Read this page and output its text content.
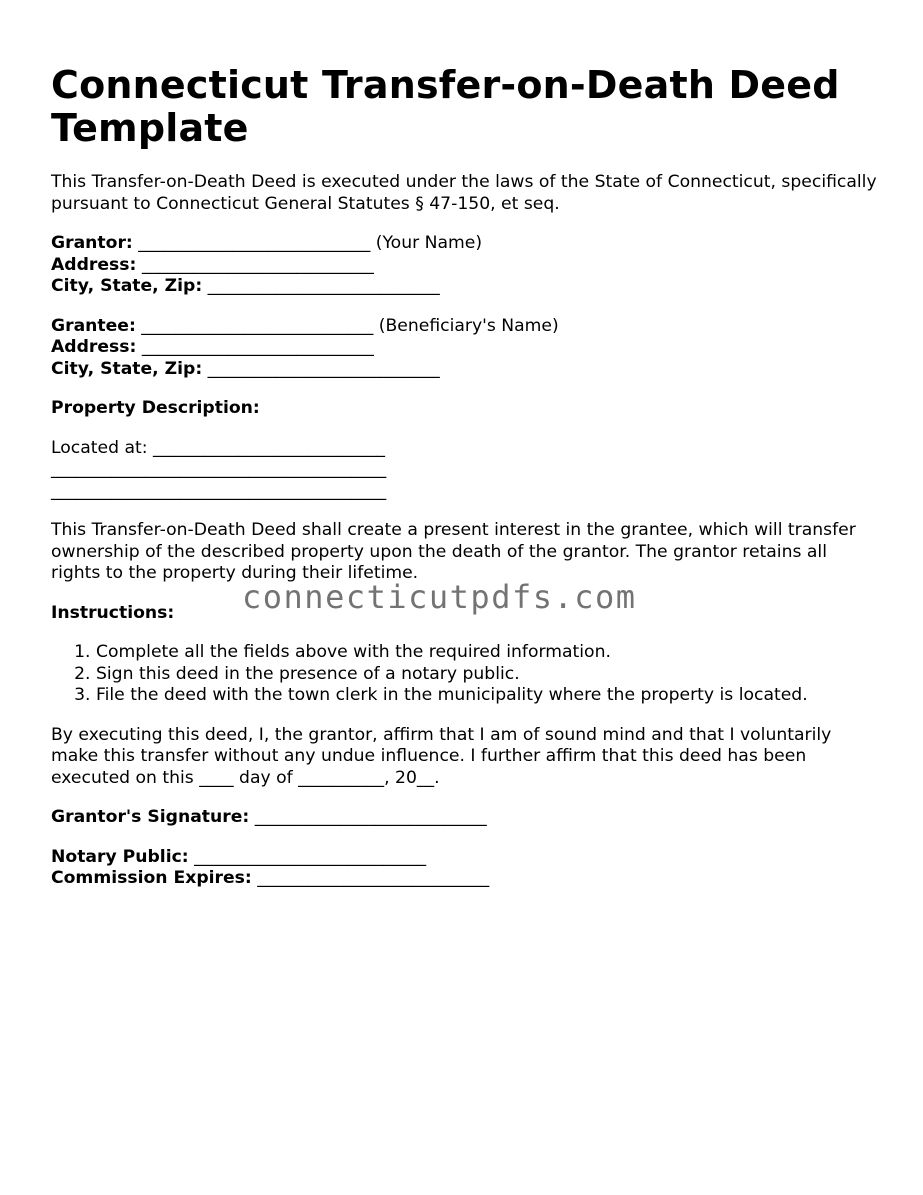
Connecticut Transfer-on-Death Deed Template

This Transfer-on-Death Deed is executed under the laws of the State of Connecticut, specifically pursuant to Connecticut General Statutes § 47-150, et seq.

Grantor: ___________________________ (Your Name)
Address: ___________________________
City, State, Zip: ___________________________
Grantee: ___________________________ (Beneficiary's Name)
Address: ___________________________
City, State, Zip: ___________________________
Property Description:
Located at: ___________________________
_______________________________________
_______________________________________

This Transfer-on-Death Deed shall create a present interest in the grantee, which will transfer ownership of the described property upon the death of the grantor. The grantor retains all rights to the property during their lifetime.

Instructions:
1. Complete all the fields above with the required information.
2. Sign this deed in the presence of a notary public.
3. File the deed with the town clerk in the municipality where the property is located.

By executing this deed, I, the grantor, affirm that I am of sound mind and that I voluntarily make this transfer without any undue influence. I further affirm that this deed has been executed on this ____ day of __________, 20__.

Grantor's Signature: ___________________________
Notary Public: ___________________________
Commission Expires: ___________________________
connecticutpdfs.com
